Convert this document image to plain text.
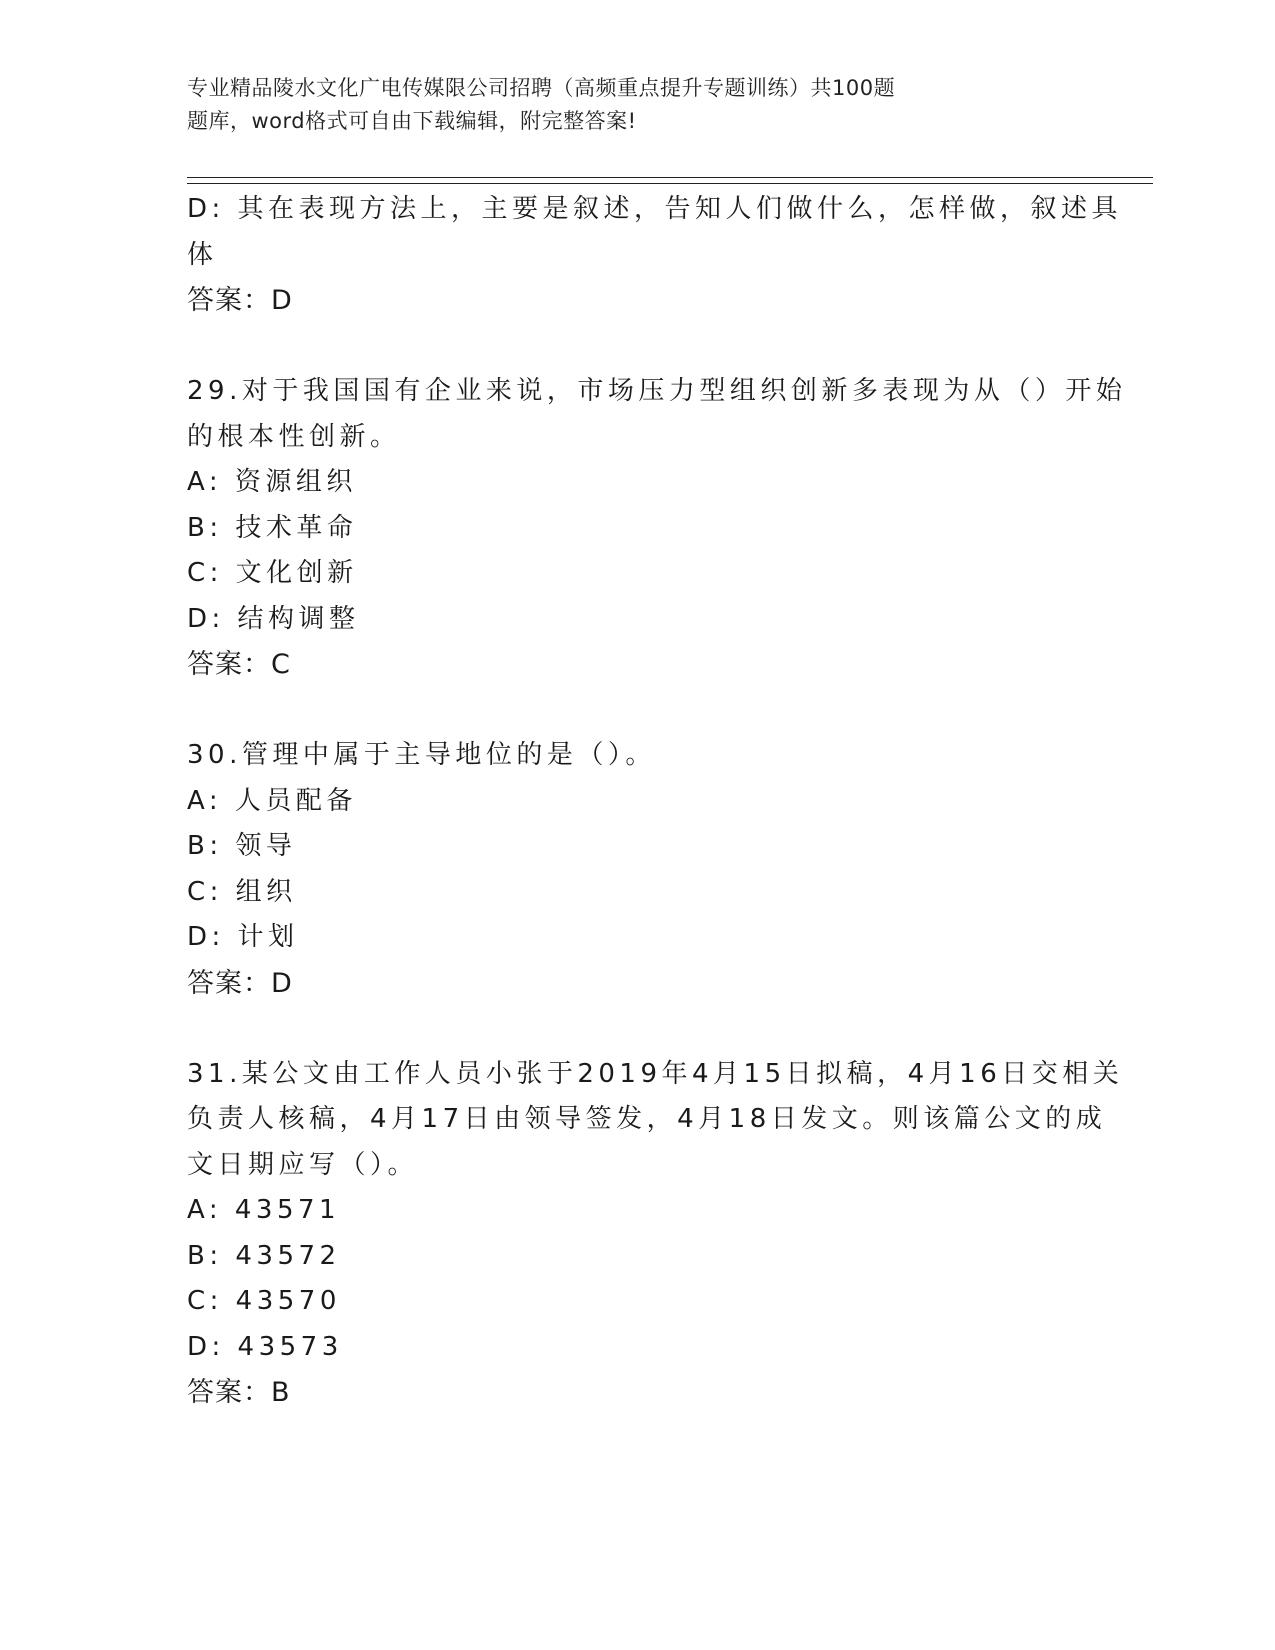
专业精品陵水文化广电传媒限公司招聘（高频重点提升专题训练）共100题
题库，word格式可自由下载编辑，附完整答案!
D: 其在表现方法上，主要是叙述，告知人们做什么，怎样做，叙述具
体
答案：D
29.对于我国国有企业来说，市场压力型组织创新多表现为从（）开始
的根本性创新。
A: 资源组织
B: 技术革命
C: 文化创新
D: 结构调整
答案：C
30.管理中属于主导地位的是（）。
A: 人员配备
B: 领导
C: 组织
D: 计划
答案：D
31.某公文由工作人员小张于2019年4月15日拟稿，4月16日交相关
负责人核稿，4月17日由领导签发，4月18日发文。则该篇公文的成
文日期应写（）。
A: 43571
B: 43572
C: 43570
D: 43573
答案：B
